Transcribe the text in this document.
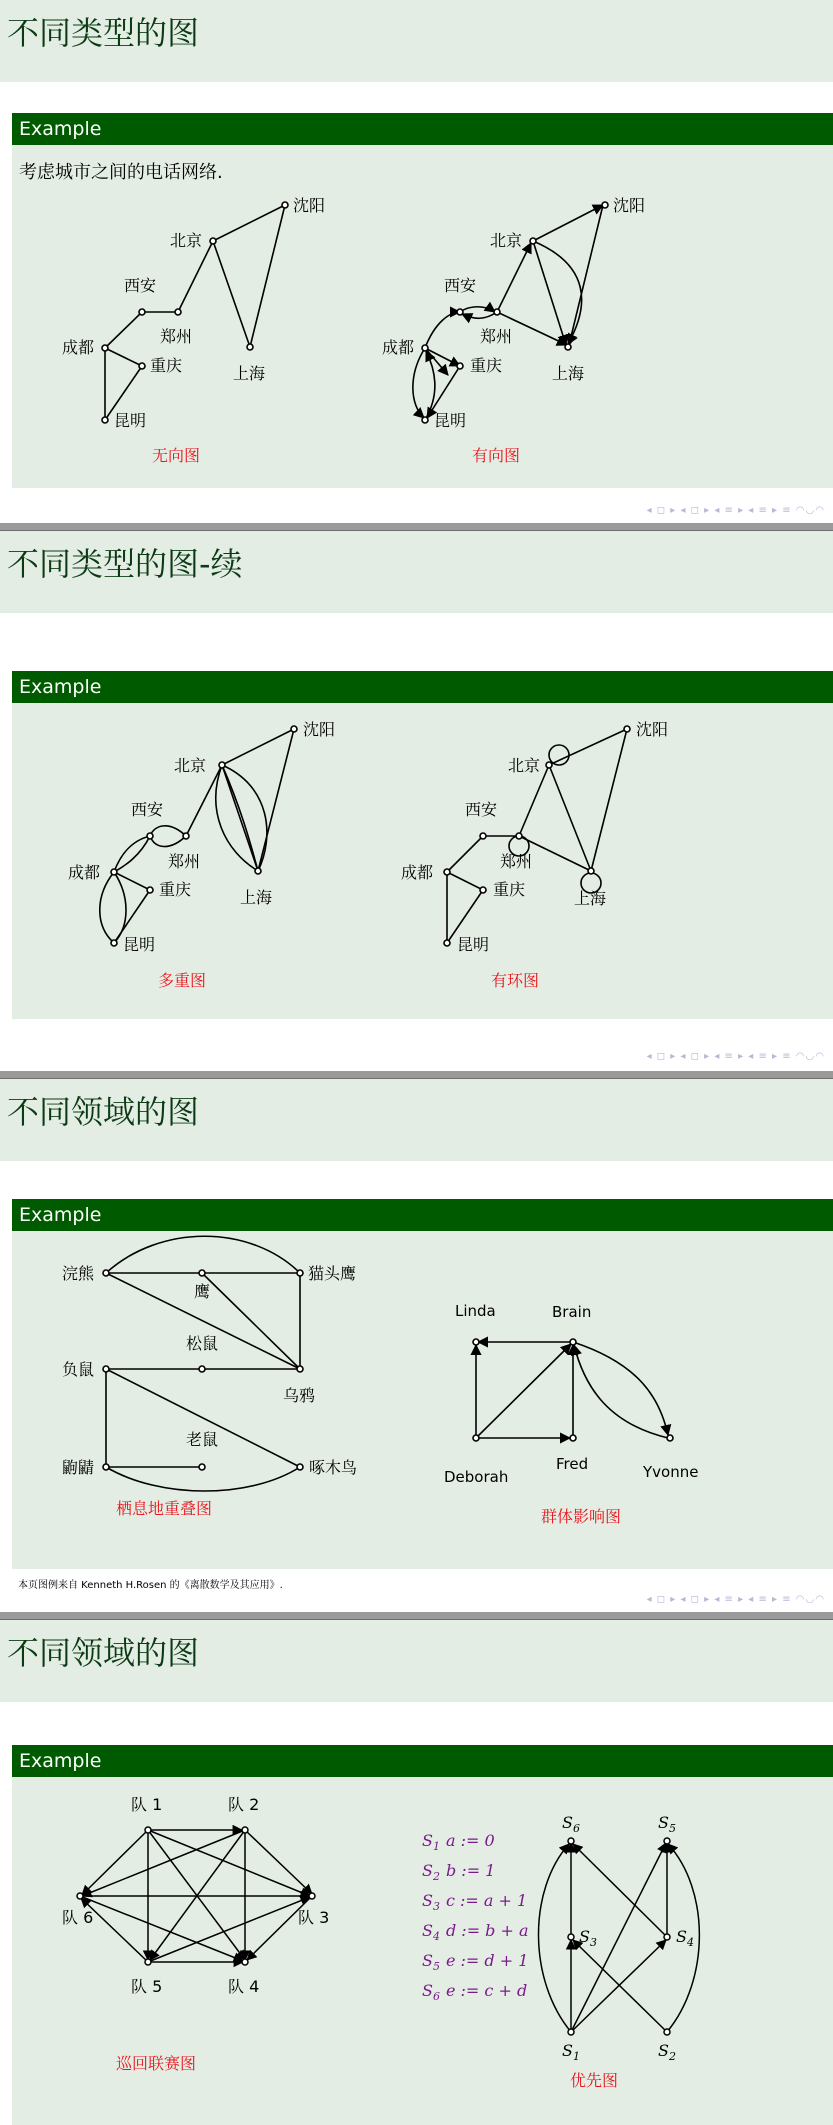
不同类型的图
Example
考虑城市之间的电话网络.
北京
沈阳
西安
郑州
成都
重庆	上海
昆明
无向图
北京
沈阳
西安
郑州
成都
重庆	上海
昆明
有向图
◂ ◻ ▸ ◂ ◻ ▸ ◂ ≡ ▸ ◂ ≡ ▸ ≡ ◠◡◠
不同类型的图-续
Example
北京
沈阳
西安
郑州
成都
重庆	上海
昆明
多重图
北京
沈阳
西安
郑州
成都
重庆	上海
昆明
有环图
◂ ◻ ▸ ◂ ◻ ▸ ◂ ≡ ▸ ◂ ≡ ▸ ≡ ◠◡◠
不同领域的图
Example
浣熊
鹰
猫头鹰
松鼠
乌鸦
负鼠
老鼠
鼩鼱	啄木鸟
栖息地重叠图
Linda	Brain
Deborah
Fred	Yvonne
群体影响图
本页图例来自 Kenneth H.Rosen 的《离散数学及其应用》.
◂ ◻ ▸ ◂ ◻ ▸ ◂ ≡ ▸ ◂ ≡ ▸ ≡ ◠◡◠
不同领域的图
Example
队 1	队 2
队 3
队 4
队 5
队 6
巡回联赛图
$S_1$ a := 0
$S_2$ b := 1
$S_3$ c := a + 1
$S_4$ d := b + a
$S_5$ e := d + 1
$S_6$ e := c + d
$S_6$	$S_5$
$S_3$	$S_4$
$S_1$	$S_2$
优先图
